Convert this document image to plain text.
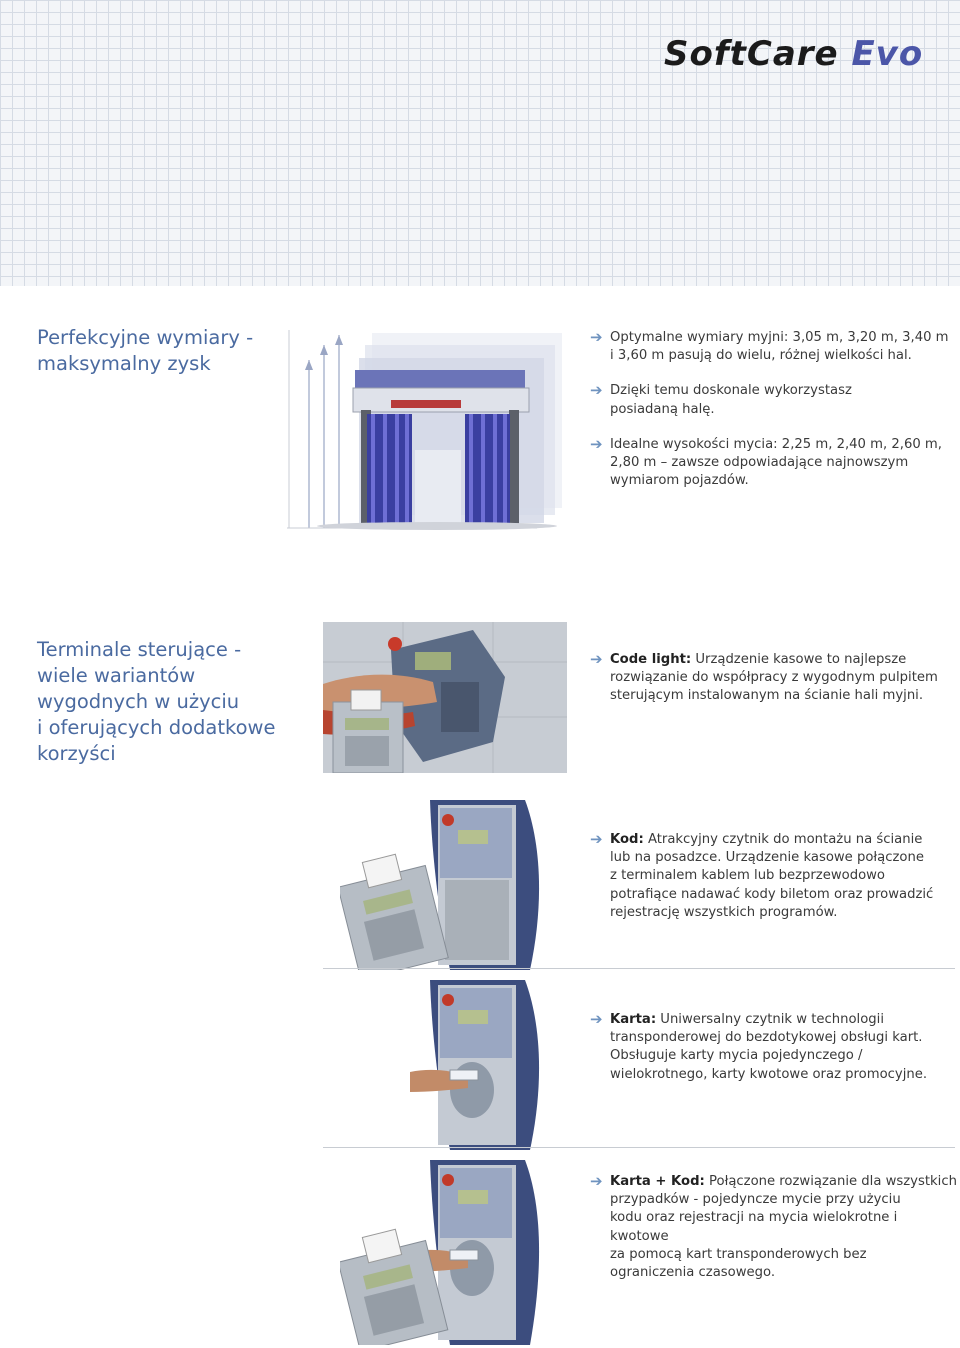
SoftCare Evo
Perfekcyjne wymiary -
maksymalny zysk
➔ Optymalne wymiary myjni: 3,05 m, 3,20 m, 3,40 m
i 3,60 m pasują do wielu, różnej wielkości hal.
➔ Dzięki temu doskonale wykorzystasz
posiadaną halę.
➔ Idealne wysokości mycia: 2,25 m, 2,40 m, 2,60 m,
2,80 m – zawsze odpowiadające najnowszym
wymiarom pojazdów.
Terminale sterujące -
wiele wariantów
wygodnych w użyciu
i oferujących dodatkowe
korzyści
➔ Code light: Urządzenie kasowe to najlepsze
rozwiązanie do współpracy z wygodnym pulpitem
sterującym instalowanym na ścianie hali myjni.
➔ Kod: Atrakcyjny czytnik do montażu na ścianie
lub na posadzce. Urządzenie kasowe połączone
z terminalem kablem lub bezprzewodowo
potrafiące nadawać kody biletom oraz prowadzić
rejestrację wszystkich programów.
➔ Karta: Uniwersalny czytnik w technologii
transponderowej do bezdotykowej obsługi kart.
Obsługuje karty mycia pojedynczego /
wielokrotnego, karty kwotowe oraz promocyjne.
➔ Karta + Kod: Połączone rozwiązanie dla wszystkich
przypadków - pojedyncze mycie przy użyciu
kodu oraz rejestracji na mycia wielokrotne i kwotowe
za pomocą kart transponderowych bez
ograniczenia czasowego.
